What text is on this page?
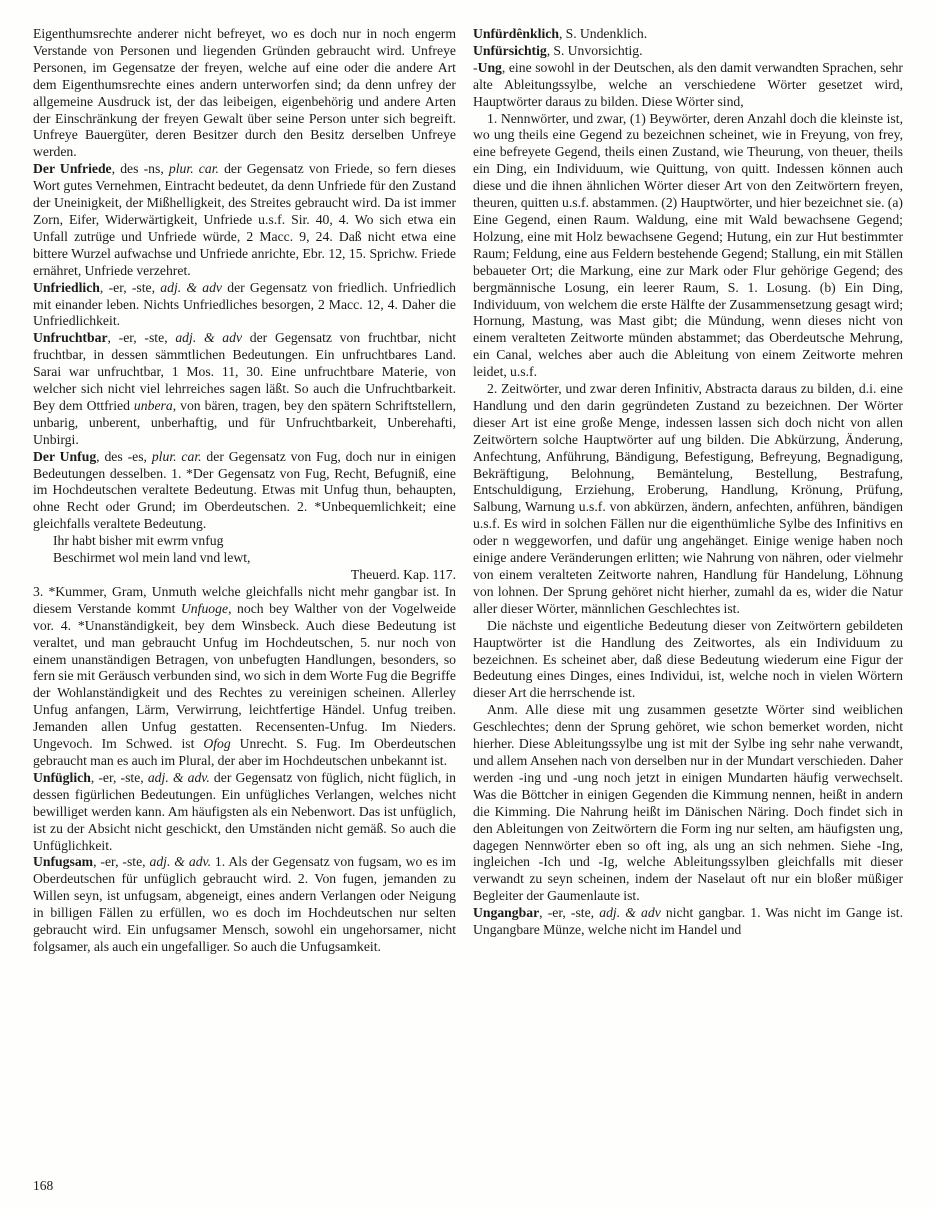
Eigenthumsrechte anderer nicht befreyet, wo es doch nur in noch engerm Verstande von Personen und liegenden Gründen gebraucht wird. Unfreye Personen, im Gegensatze der freyen, welche auf eine oder die andere Art dem Eigenthumsrechte eines andern unterworfen sind; da denn unfrey der allgemeine Ausdruck ist, der das leibeigen, eigenbehörig und andere Arten der Einschränkung der freyen Gewalt über seine Person unter sich begreift. Unfreye Bauergüter, deren Besitzer durch den Besitz derselben Unfreye werden.

Der Unfriede, des -ns, plur. car. der Gegensatz von Friede, so fern dieses Wort gutes Vernehmen, Eintracht bedeutet, da denn Unfriede für den Zustand der Uneinigkeit, der Mißhelligkeit, des Streites gebraucht wird. Da ist immer Zorn, Eifer, Widerwärtigkeit, Unfriede u.s.f. Sir. 40, 4. Wo sich etwa ein Unfall zutrüge und Unfriede würde, 2 Macc. 9, 24. Daß nicht etwa eine bittere Wurzel aufwachse und Unfriede anrichte, Ebr. 12, 15. Sprichw. Friede ernähret, Unfriede verzehret.

Unfriedlich, -er, -ste, adj. & adv der Gegensatz von friedlich. Unfriedlich mit einander leben. Nichts Unfriedliches besorgen, 2 Macc. 12, 4. Daher die Unfriedlichkeit.

Unfruchtbar, -er, -ste, adj. & adv der Gegensatz von fruchtbar, nicht fruchtbar, in dessen sämmtlichen Bedeutungen. Ein unfruchtbares Land. Sarai war unfruchtbar, 1 Mos. 11, 30. Eine unfruchtbare Materie, von welcher sich nicht viel lehrreiches sagen läßt. So auch die Unfruchtbarkeit. Bey dem Ottfried unbera, von bären, tragen, bey den spätern Schriftstellern, unbarig, unberent, unberhaftig, und für Unfruchtbarkeit, Unberehafti, Unbirgi.

Der Unfug, des -es, plur. car. der Gegensatz von Fug, doch nur in einigen Bedeutungen desselben. 1. *Der Gegensatz von Fug, Recht, Befugniß, eine im Hochdeutschen veraltete Bedeutung. Etwas mit Unfug thun, behaupten, ohne Recht oder Grund; im Oberdeutschen. 2. *Unbequemlichkeit; eine gleichfalls veraltete Bedeutung.

Ihr habt bisher mit ewrm vnfug

Beschirmet wol mein land vnd lewt,

Theuerd. Kap. 117.

3. *Kummer, Gram, Unmuth welche gleichfalls nicht mehr gangbar ist. In diesem Verstande kommt Unfuoge, noch bey Walther von der Vogelweide vor. 4. *Unanständigkeit, bey dem Winsbeck. Auch diese Bedeutung ist veraltet, und man gebraucht Unfug im Hochdeutschen, 5. nur noch von einem unanständigen Betragen, von unbefugten Handlungen, besonders, so fern sie mit Geräusch verbunden sind, wo sich in dem Worte Fug die Begriffe der Wohlanständigkeit und des Rechtes zu vereinigen scheinen. Allerley Unfug anfangen, Lärm, Verwirrung, leichtfertige Händel. Unfug treiben. Jemanden allen Unfug gestatten. Recensenten-Unfug. Im Nieders. Ungevoch. Im Schwed. ist Ofog Unrecht. S. Fug. Im Oberdeutschen gebraucht man es auch im Plural, der aber im Hochdeutschen unbekannt ist.

Unfüglich, -er, -ste, adj. & adv. der Gegensatz von füglich, nicht füglich, in dessen figürlichen Bedeutungen. Ein unfügliches Verlangen, welches nicht bewilliget werden kann. Am häufigsten als ein Nebenwort. Das ist unfüglich, ist zu der Absicht nicht geschickt, den Umständen nicht gemäß. So auch die Unfüglichkeit.

Unfugsam, -er, -ste, adj. & adv. 1. Als der Gegensatz von fugsam, wo es im Oberdeutschen für unfüglich gebraucht wird. 2. Von fugen, jemanden zu Willen seyn, ist unfugsam, abgeneigt, eines andern Verlangen oder Neigung in billigen Fällen zu erfüllen, wo es doch im Hochdeutschen nur selten gebraucht wird. Ein unfugsamer Mensch, sowohl ein ungehorsamer, nicht folgsamer, als auch ein ungefalliger. So auch die Unfugsamkeit.

Unfürdênklich, S. Undenklich.

Unfürsichtig, S. Unvorsichtig.

-Ung, eine sowohl in der Deutschen, als den damit verwandten Sprachen, sehr alte Ableitungssylbe, welche an verschiedene Wörter gesetzet wird, Hauptwörter daraus zu bilden. Diese Wörter sind,

1. Nennwörter, und zwar, (1) Beywörter, deren Anzahl doch die kleinste ist, wo ung theils eine Gegend zu bezeichnen scheinet, wie in Freyung, von frey, eine befreyete Gegend, theils einen Zustand, wie Theurung, von theuer, theils ein Ding, ein Individuum, wie Quittung, von quitt. Indessen können auch diese und die ihnen ähnlichen Wörter dieser Art von den Zeitwörtern freyen, theuren, quitten u.s.f. abstammen. (2) Hauptwörter, und hier bezeichnet sie. (a) Eine Gegend, einen Raum. Waldung, eine mit Wald bewachsene Gegend; Holzung, eine mit Holz bewachsene Gegend; Hutung, ein zur Hut bestimmter Raum; Feldung, eine aus Feldern bestehende Gegend; Stallung, ein mit Ställen bebaueter Ort; die Markung, eine zur Mark oder Flur gehörige Gegend; des bergmännische Losung, ein leerer Raum, S. 1. Losung. (b) Ein Ding, Individuum, von welchem die erste Hälfte der Zusammensetzung gesagt wird; Hornung, Mastung, was Mast gibt; die Mündung, wenn dieses nicht von einem veralteten Zeitworte münden abstammet; das Oberdeutsche Mehrung, ein Canal, welches aber auch die Ableitung von einem Zeitworte mehren leidet, u.s.f.

2. Zeitwörter, und zwar deren Infinitiv, Abstracta daraus zu bilden, d.i. eine Handlung und den darin gegründeten Zustand zu bezeichnen. Der Wörter dieser Art ist eine große Menge, indessen lassen sich doch nicht von allen Zeitwörtern solche Hauptwörter auf ung bilden. Die Abkürzung, Änderung, Anfechtung, Anführung, Bändigung, Befestigung, Befreyung, Begnadigung, Bekräftigung, Belohnung, Bemäntelung, Bestellung, Bestrafung, Entschuldigung, Erziehung, Eroberung, Handlung, Krönung, Prüfung, Salbung, Warnung u.s.f. von abkürzen, ändern, anfechten, anführen, bändigen u.s.f. Es wird in solchen Fällen nur die eigenthümliche Sylbe des Infinitivs en oder n weggeworfen, und dafür ung angehänget. Einige wenige haben noch einige andere Veränderungen erlitten; wie Nahrung von nähren, oder vielmehr von einem veralteten Zeitworte nahren, Handlung für Handelung, Löhnung von lohnen. Der Sprung gehöret nicht hierher, zumahl da es, wider die Natur aller dieser Wörter, männlichen Geschlechtes ist.

Die nächste und eigentliche Bedeutung dieser von Zeitwörtern gebildeten Hauptwörter ist die Handlung des Zeitwortes, als ein Individuum zu bezeichnen. Es scheinet aber, daß diese Bedeutung wiederum eine Figur der Bedeutung eines Dinges, eines Individui, ist, welche noch in vielen Wörtern dieser Art die herrschende ist.

Anm. Alle diese mit ung zusammen gesetzte Wörter sind weiblichen Geschlechtes; denn der Sprung gehöret, wie schon bemerket worden, nicht hierher. Diese Ableitungssylbe ung ist mit der Sylbe ing sehr nahe verwandt, und allem Ansehen nach von derselben nur in der Mundart verschieden. Daher werden -ing und -ung noch jetzt in einigen Mundarten häufig verwechselt. Was die Böttcher in einigen Gegenden die Kimmung nennen, heißt in andern die Kimming. Die Nahrung heißt im Dänischen Näring. Doch findet sich in den Ableitungen von Zeitwörtern die Form ing nur selten, am häufigsten ung, dagegen Nennwörter eben so oft ing, als ung an sich nehmen. Siehe -Ing, ingleichen -Ich und -Ig, welche Ableitungssylben gleichfalls mit dieser verwandt zu seyn scheinen, indem der Naselaut oft nur ein bloßer müßiger Begleiter der Gaumenlaute ist.

Ungangbar, -er, -ste, adj. & adv nicht gangbar. 1. Was nicht im Gange ist. Ungangbare Münze, welche nicht im Handel und

168
